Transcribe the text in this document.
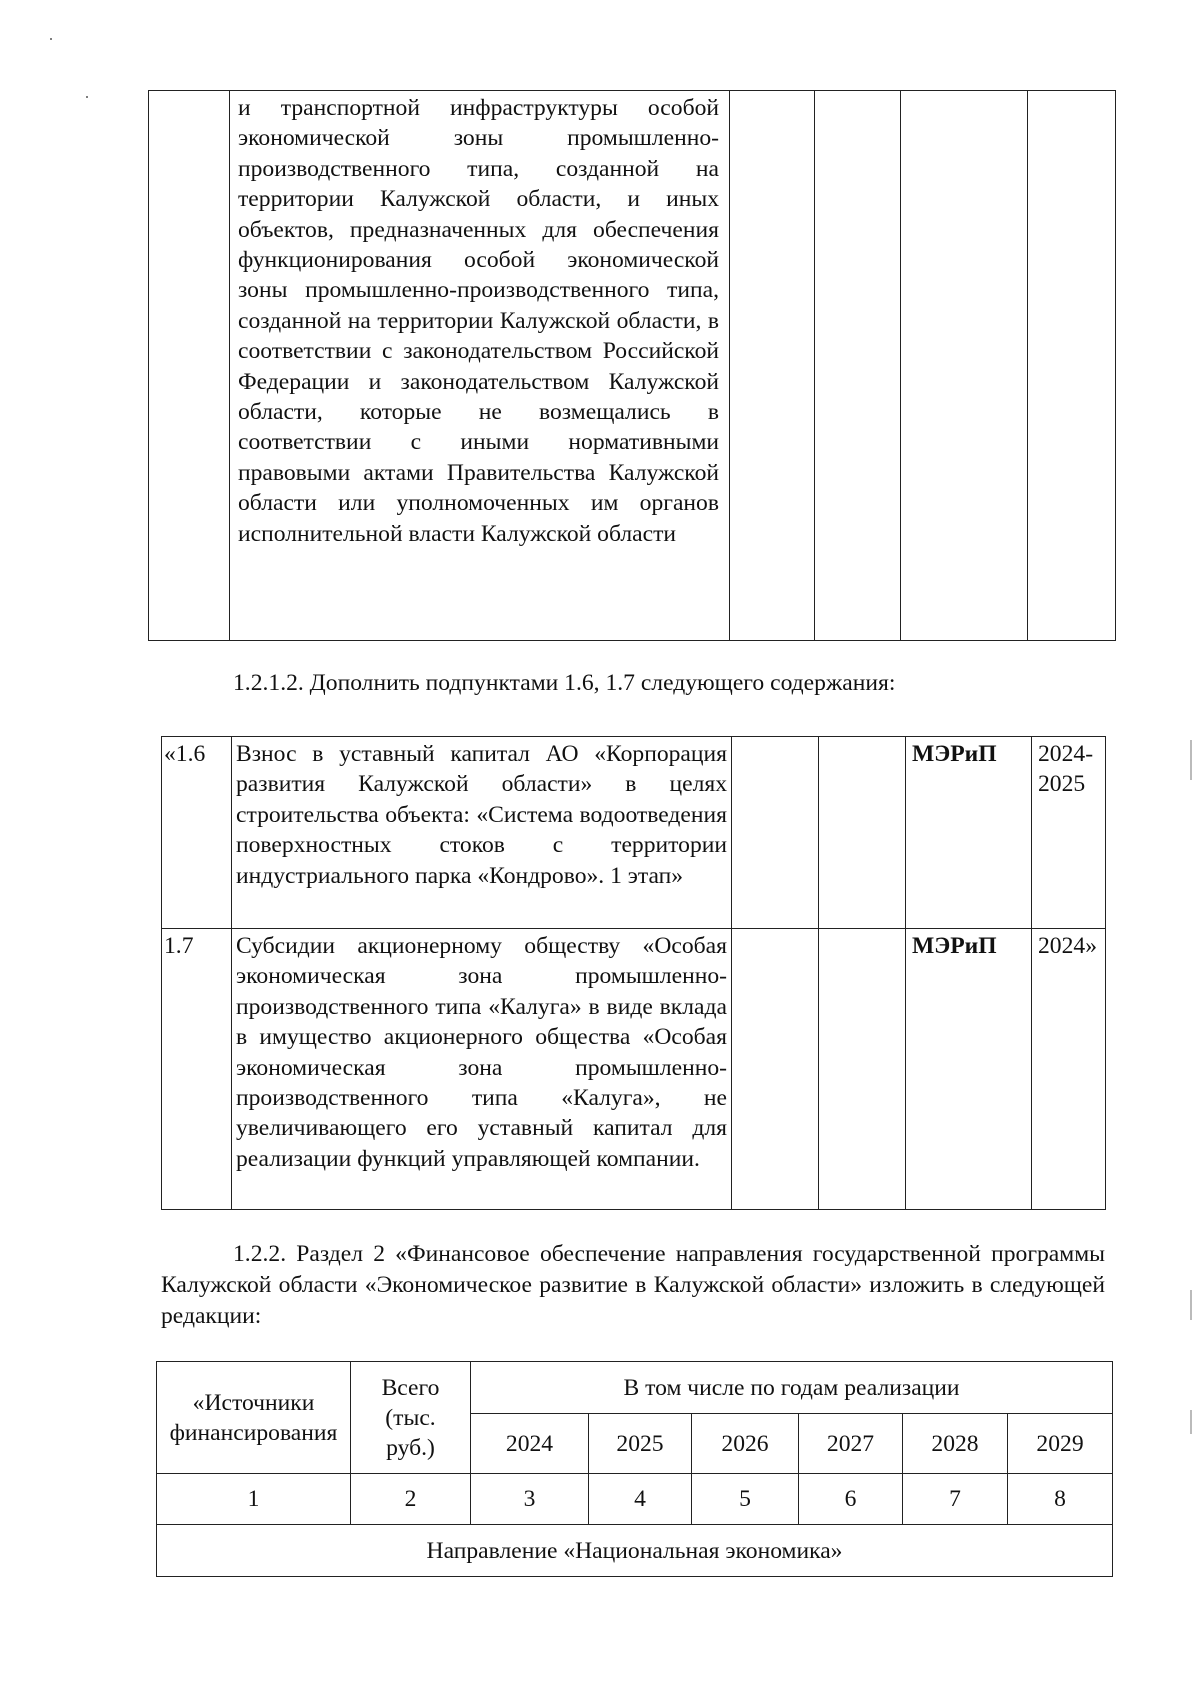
	и транспортной инфраструктуры особой экономической зоны промышленно-производственного типа, созданной на территории Калужской области, и иных объектов, предназначенных для обеспечения функционирования особой экономической зоны промышленно-производственного типа, созданной на территории Калужской области, в соответствии с законодательством Российской Федерации и законодательством Калужской области, которые не возмещались в соответствии с иными нормативными правовыми актами Правительства Калужской области или уполномоченных им органов исполнительной власти Калужской области				
1.2.1.2. Дополнить подпунктами 1.6, 1.7 следующего содержания:
«1.6	Взнос в уставный капитал АО «Корпорация развития Калужской области» в целях строительства объекта: «Система водоотведения поверхностных стоков с территории индустриального парка «Кондрово». 1 этап»			МЭРиП	2024-2025
1.7	Субсидии акционерному обществу «Особая экономическая зона промышленно-производственного типа «Калуга» в виде вклада в имущество акционерного общества «Особая экономическая зона промышленно-производственного типа «Калуга», не увеличивающего его уставный капитал для реализации функций управляющей компании.			МЭРиП	2024»
1.2.2. Раздел 2 «Финансовое обеспечение направления государственной программы Калужской области «Экономическое развитие в Калужской области» изложить в следующей редакции:
«Источники финансирования	Всего (тыс. руб.)	В том числе по годам реализации					
		2024	2025	2026	2027	2028	2029
1	2	3	4	5	6	7	8
Направление «Национальная экономика»							
